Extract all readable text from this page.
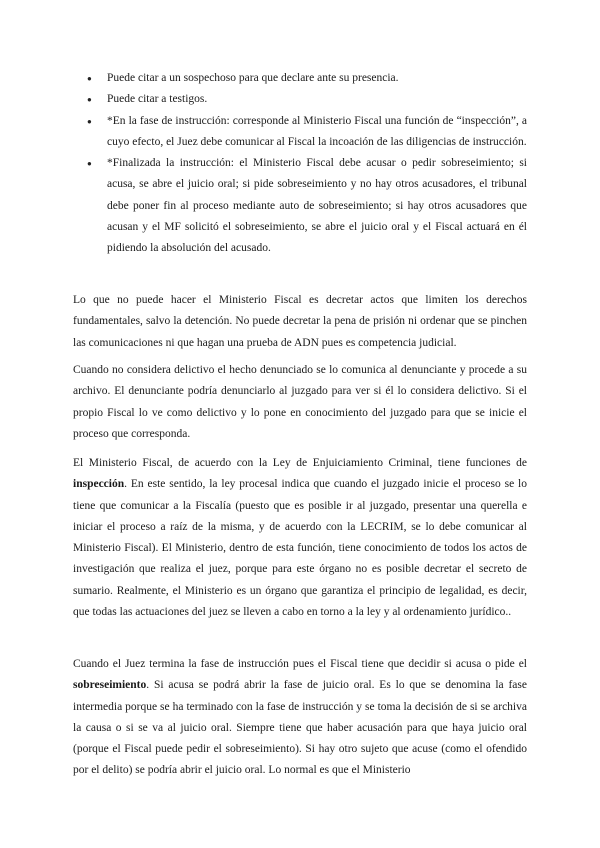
● Puede citar a un sospechoso para que declare ante su presencia.
● Puede citar a testigos.
● *En la fase de instrucción: corresponde al Ministerio Fiscal una función de “inspección”, a cuyo efecto, el Juez debe comunicar al Fiscal la incoación de las diligencias de instrucción.
● *Finalizada la instrucción: el Ministerio Fiscal debe acusar o pedir sobreseimiento; si acusa, se abre el juicio oral; si pide sobreseimiento y no hay otros acusadores, el tribunal debe poner fin al proceso mediante auto de sobreseimiento; si hay otros acusadores que acusan y el MF solicitó el sobreseimiento, se abre el juicio oral y el Fiscal actuará en él pidiendo la absolución del acusado.

Lo que no puede hacer el Ministerio Fiscal es decretar actos que limiten los derechos fundamentales, salvo la detención. No puede decretar la pena de prisión ni ordenar que se pinchen las comunicaciones ni que hagan una prueba de ADN pues es competencia judicial.

Cuando no considera delictivo el hecho denunciado se lo comunica al denunciante y procede a su archivo. El denunciante podría denunciarlo al juzgado para ver si él lo considera delictivo. Si el propio Fiscal lo ve como delictivo y lo pone en conocimiento del juzgado para que se inicie el proceso que corresponda.

El Ministerio Fiscal, de acuerdo con la Ley de Enjuiciamiento Criminal, tiene funciones de inspección. En este sentido, la ley procesal indica que cuando el juzgado inicie el proceso se lo tiene que comunicar a la Fiscalía (puesto que es posible ir al juzgado, presentar una querella e iniciar el proceso a raíz de la misma, y de acuerdo con la LECRIM, se lo debe comunicar al Ministerio Fiscal). El Ministerio, dentro de esta función, tiene conocimiento de todos los actos de investigación que realiza el juez, porque para este órgano no es posible decretar el secreto de sumario. Realmente, el Ministerio es un órgano que garantiza el principio de legalidad, es decir, que todas las actuaciones del juez se lleven a cabo en torno a la ley y al ordenamiento jurídico..

Cuando el Juez termina la fase de instrucción pues el Fiscal tiene que decidir si acusa o pide el sobreseimiento. Si acusa se podrá abrir la fase de juicio oral. Es lo que se denomina la fase intermedia porque se ha terminado con la fase de instrucción y se toma la decisión de si se archiva la causa o si se va al juicio oral. Siempre tiene que haber acusación para que haya juicio oral (porque el Fiscal puede pedir el sobreseimiento). Si hay otro sujeto que acuse (como el ofendido por el delito) se podría abrir el juicio oral. Lo normal es que el Ministerio
